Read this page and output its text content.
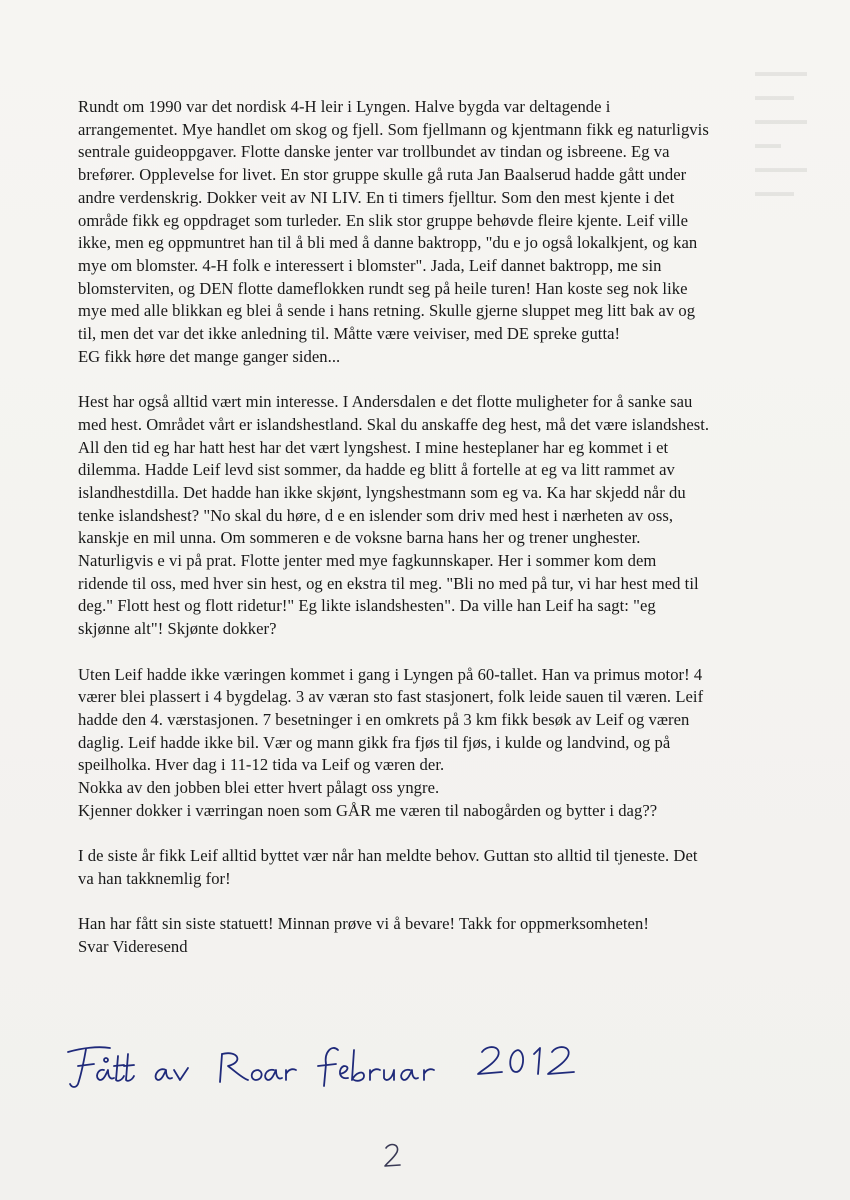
▬▬▬▬
▬▬▬
▬▬▬▬
▬▬
▬▬▬▬
▬▬▬

Rundt om 1990 var det nordisk 4-H leir i Lyngen. Halve bygda var deltagende i
arrangementet. Mye handlet om skog og fjell. Som fjellmann og kjentmann fikk eg naturligvis
sentrale guideoppgaver. Flotte danske jenter var trollbundet av tindan og isbreene. Eg va
brefører. Opplevelse for livet. En stor gruppe skulle gå ruta Jan Baalserud hadde gått under
andre verdenskrig. Dokker veit av NI LIV. En ti timers fjelltur. Som den mest kjente i det
område fikk eg oppdraget som turleder. En slik stor gruppe behøvde fleire kjente. Leif ville
ikke, men eg oppmuntret han til å bli med å danne baktropp, "du e jo også lokalkjent, og kan
mye om blomster. 4-H folk e interessert i blomster". Jada, Leif dannet baktropp, me sin
blomsterviten, og DEN flotte dameflokken rundt seg på heile turen! Han koste seg nok like
mye med alle blikkan eg blei å sende i hans retning. Skulle gjerne sluppet meg litt bak av og
til, men det var det ikke anledning til. Måtte være veiviser, med DE spreke gutta!
EG fikk høre det mange ganger siden...

Hest har også alltid vært min interesse. I Andersdalen e det flotte muligheter for å sanke sau
med hest. Området vårt er islandshestland. Skal du anskaffe deg hest, må det være islandshest.
All den tid eg har hatt hest har det vært lyngshest. I mine hesteplaner har eg kommet i et
dilemma. Hadde Leif levd sist sommer, da hadde eg blitt å fortelle at eg va litt rammet av
islandhestdilla. Det hadde han ikke skjønt, lyngshestmann som eg va. Ka har skjedd når du
tenke islandshest? "No skal du høre, d e en islender som driv med hest i nærheten av oss,
kanskje en mil unna. Om sommeren e de voksne barna hans her og trener unghester.
Naturligvis e vi på prat. Flotte jenter med mye fagkunnskaper. Her i sommer kom dem
ridende til oss, med hver sin hest, og en ekstra til meg. "Bli no med på tur, vi har hest med til
deg." Flott hest og flott ridetur!" Eg likte islandshesten". Da ville han Leif ha sagt: "eg
skjønne alt"! Skjønte dokker?

Uten Leif hadde ikke væringen kommet i gang i Lyngen på 60-tallet. Han va primus motor! 4
værer blei plassert i 4 bygdelag. 3 av væran sto fast stasjonert, folk leide sauen til væren. Leif
hadde den 4. værstasjonen. 7 besetninger i en omkrets på 3 km fikk besøk av Leif og væren
daglig. Leif hadde ikke bil. Vær og mann gikk fra fjøs til fjøs, i kulde og landvind, og på
speilholka. Hver dag i 11-12 tida va Leif og væren der.
Nokka av den jobben blei etter hvert pålagt oss yngre.
Kjenner dokker i værringan noen som GÅR me væren til nabogården og bytter i dag??

I de siste år fikk Leif alltid byttet vær når han meldte behov. Guttan sto alltid til tjeneste. Det
va han takknemlig for!

Han har fått sin siste statuett! Minnan prøve vi å bevare! Takk for oppmerksomheten!
Svar Videresend
